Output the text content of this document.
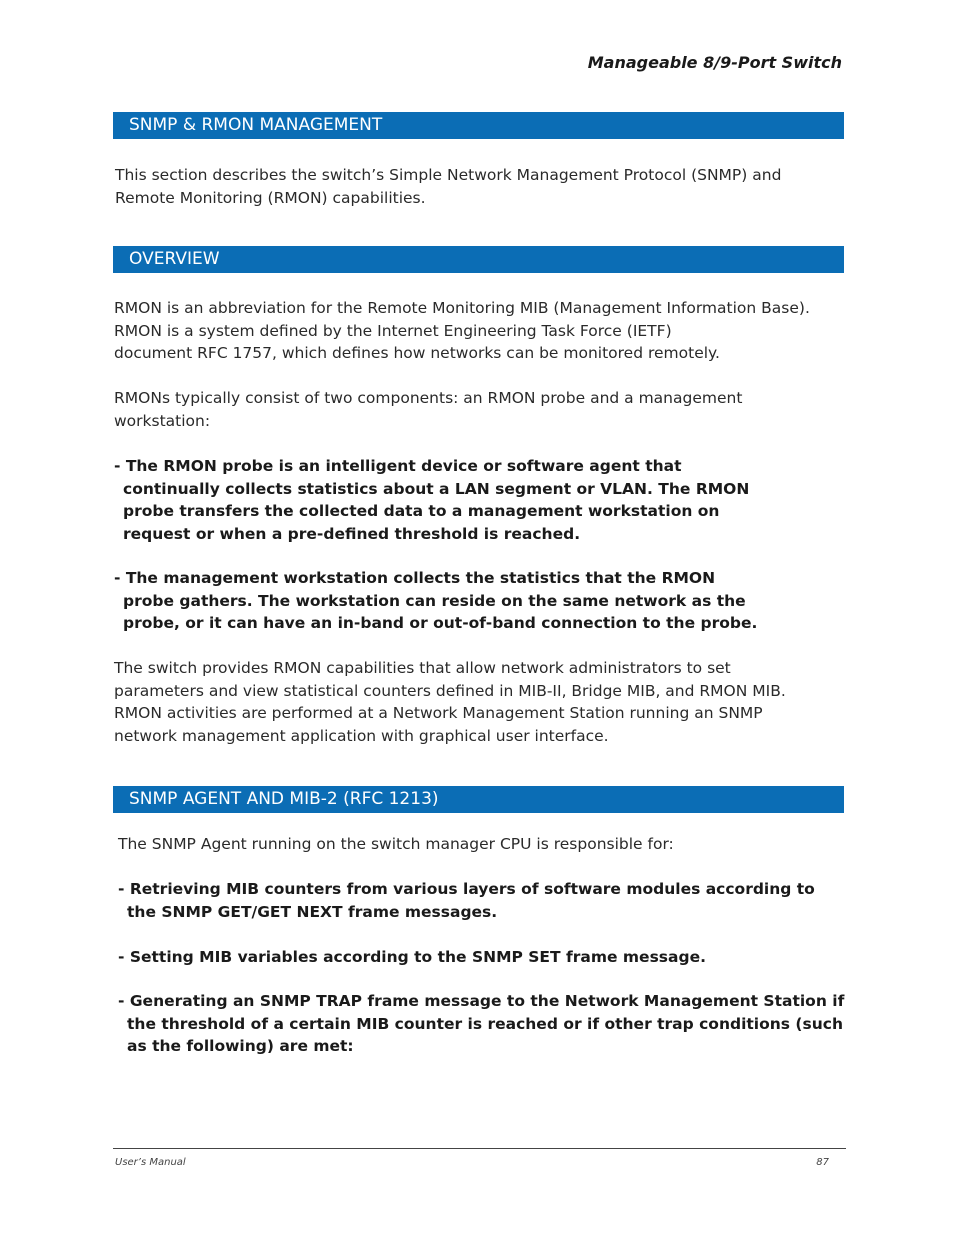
Manageable 8/9-Port Switch
SNMP & RMON MANAGEMENT

This section describes the switch’s Simple Network Management Protocol (SNMP) and
Remote Monitoring (RMON) capabilities.

OVERVIEW

RMON is an abbreviation for the Remote Monitoring MIB (Management Information Base).
RMON is a system defined by the Internet Engineering Task Force (IETF)
document RFC 1757, which defines how networks can be monitored remotely.

RMONs typically consist of two components: an RMON probe and a management
workstation:

- The RMON probe is an intelligent device or software agent that continually collects statistics about a LAN segment or VLAN. The RMON probe transfers the collected data to a management workstation on request or when a pre-defined threshold is reached.

- The management workstation collects the statistics that the RMON probe gathers. The workstation can reside on the same network as the probe, or it can have an in-band or out-of-band connection to the probe.

The switch provides RMON capabilities that allow network administrators to set
parameters and view statistical counters defined in MIB-II, Bridge MIB, and RMON MIB.
RMON activities are performed at a Network Management Station running an SNMP
network management application with graphical user interface.

SNMP AGENT AND MIB-2 (RFC 1213)

The SNMP Agent running on the switch manager CPU is responsible for:

- Retrieving MIB counters from various layers of software modules according to the SNMP GET/GET NEXT frame messages.

- Setting MIB variables according to the SNMP SET frame message.

- Generating an SNMP TRAP frame message to the Network Management Station if the threshold of a certain MIB counter is reached or if other trap conditions (such as the following) are met:

User’s Manual	87
